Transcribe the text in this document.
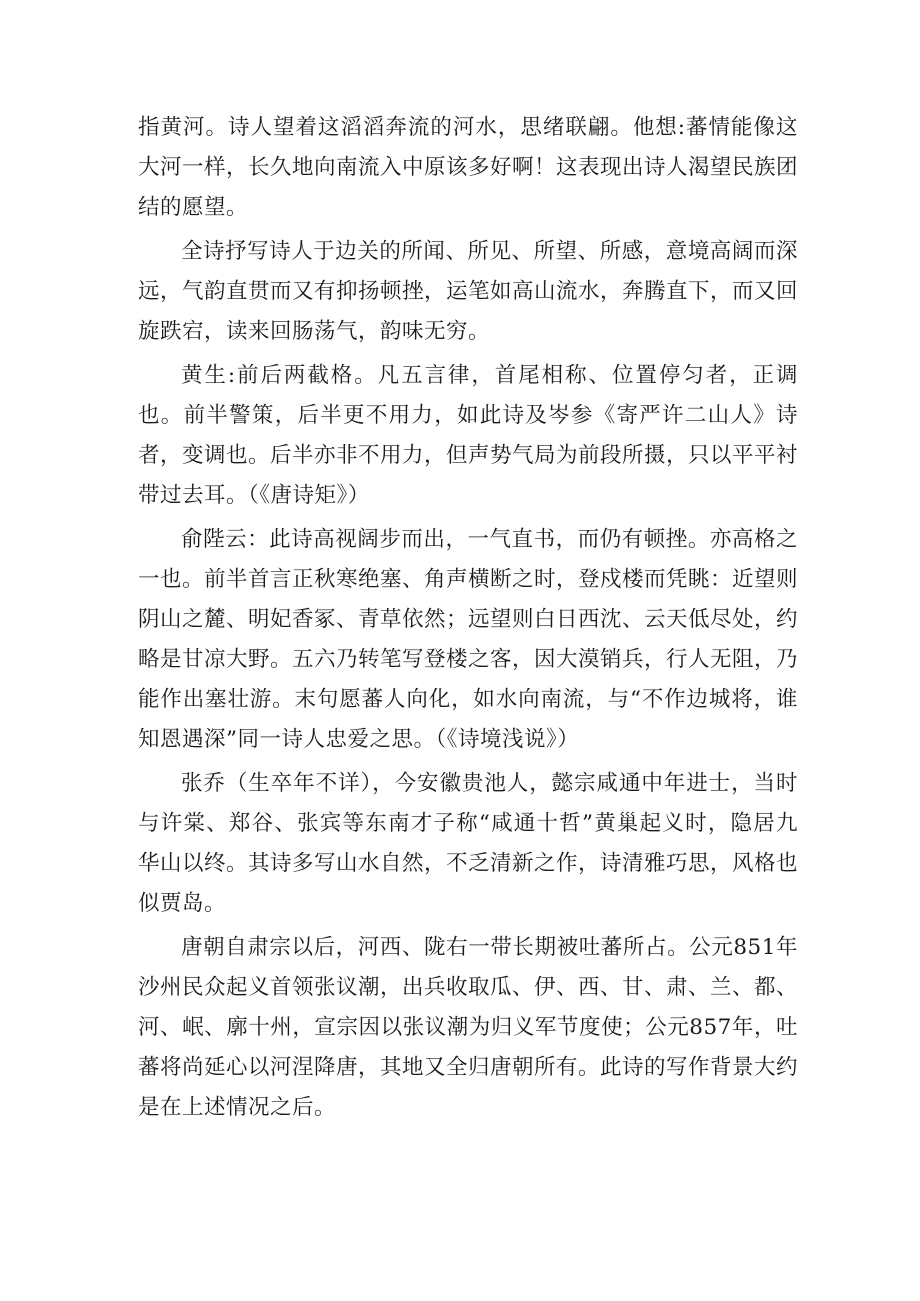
指黄河。诗人望着这滔滔奔流的河水，思绪联翩。他想:蕃情能像这大河一样，长久地向南流入中原该多好啊！这表现出诗人渴望民族团结的愿望。

全诗抒写诗人于边关的所闻、所见、所望、所感，意境高阔而深远，气韵直贯而又有抑扬顿挫，运笔如高山流水，奔腾直下，而又回旋跌宕，读来回肠荡气，韵味无穷。

黄生:前后两截格。凡五言律，首尾相称、位置停匀者，正调也。前半警策，后半更不用力，如此诗及岑参《寄严许二山人》诗者，变调也。后半亦非不用力，但声势气局为前段所摄，只以平平衬带过去耳。（《唐诗矩》）

俞陛云：此诗高视阔步而出，一气直书，而仍有顿挫。亦高格之一也。前半首言正秋寒绝塞、角声横断之时，登戍楼而凭眺：近望则阴山之麓、明妃香冢、青草依然；远望则白日西沈、云天低尽处，约略是甘凉大野。五六乃转笔写登楼之客，因大漠销兵，行人无阻，乃能作出塞壮游。末句愿蕃人向化，如水向南流，与“不作边城将，谁知恩遇深”同一诗人忠爱之思。（《诗境浅说》）

张乔（生卒年不详），今安徽贵池人，懿宗咸通中年进士，当时与许棠、郑谷、张宾等东南才子称“咸通十哲”黄巢起义时，隐居九华山以终。其诗多写山水自然，不乏清新之作，诗清雅巧思，风格也似贾岛。

唐朝自肃宗以后，河西、陇右一带长期被吐蕃所占。公元851年沙州民众起义首领张议潮，出兵收取瓜、伊、西、甘、肃、兰、都、河、岷、廓十州，宣宗因以张议潮为归义军节度使；公元857年，吐蕃将尚延心以河涅降唐，其地又全归唐朝所有。此诗的写作背景大约是在上述情况之后。
